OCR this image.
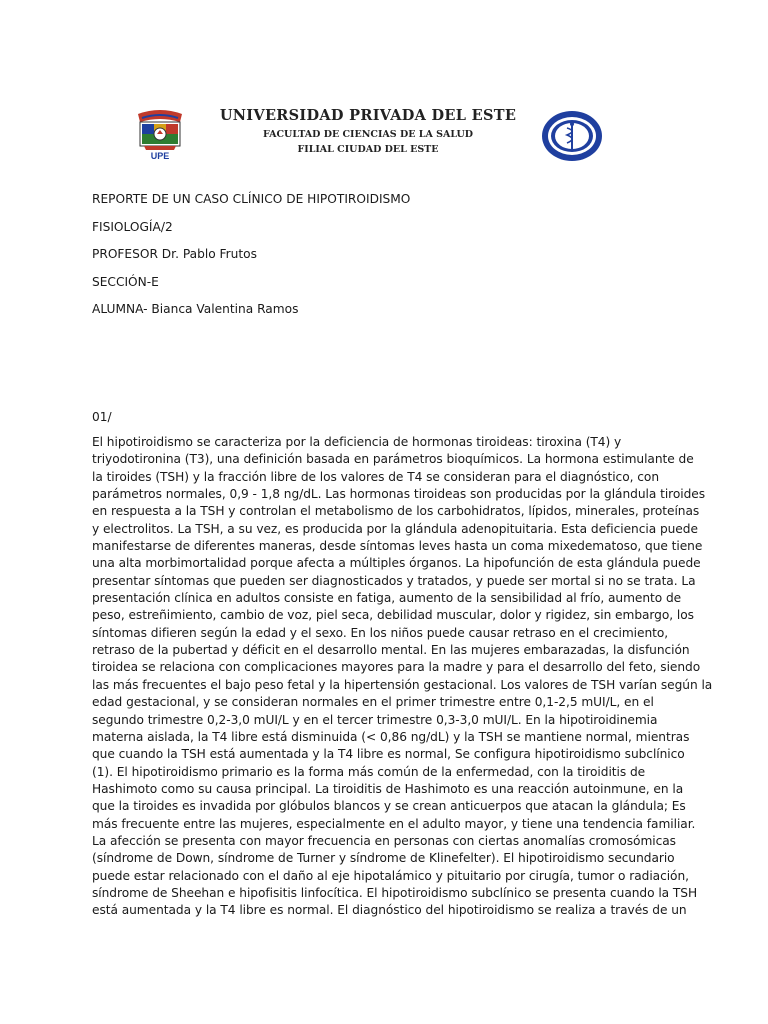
UPE
UNIVERSIDAD PRIVADA DEL ESTE
FACULTAD DE CIENCIAS DE LA SALUD
FILIAL CIUDAD DEL ESTE
REPORTE DE UN CASO CLÍNICO DE HIPOTIROIDISMO
FISIOLOGÍA/2
PROFESOR Dr. Pablo Frutos
SECCIÓN-E
ALUMNA- Bianca Valentina Ramos
01/
El hipotiroidismo se caracteriza por la deficiencia de hormonas tiroideas: tiroxina (T4) y
triyodotironina (T3), una definición basada en parámetros bioquímicos. La hormona estimulante de
la tiroides (TSH) y la fracción libre de los valores de T4 se consideran para el diagnóstico, con
parámetros normales, 0,9 - 1,8 ng/dL. Las hormonas tiroideas son producidas por la glándula tiroides
en respuesta a la TSH y controlan el metabolismo de los carbohidratos, lípidos, minerales, proteínas
y electrolitos. La TSH, a su vez, es producida por la glándula adenopituitaria. Esta deficiencia puede
manifestarse de diferentes maneras, desde síntomas leves hasta un coma mixedematoso, que tiene
una alta morbimortalidad porque afecta a múltiples órganos. La hipofunción de esta glándula puede
presentar síntomas que pueden ser diagnosticados y tratados, y puede ser mortal si no se trata. La
presentación clínica en adultos consiste en fatiga, aumento de la sensibilidad al frío, aumento de
peso, estreñimiento, cambio de voz, piel seca, debilidad muscular, dolor y rigidez, sin embargo, los
síntomas difieren según la edad y el sexo. En los niños puede causar retraso en el crecimiento,
retraso de la pubertad y déficit en el desarrollo mental. En las mujeres embarazadas, la disfunción
tiroidea se relaciona con complicaciones mayores para la madre y para el desarrollo del feto, siendo
las más frecuentes el bajo peso fetal y la hipertensión gestacional. Los valores de TSH varían según la
edad gestacional, y se consideran normales en el primer trimestre entre 0,1-2,5 mUI/L, en el
segundo trimestre 0,2-3,0 mUI/L y en el tercer trimestre 0,3-3,0 mUI/L. En la hipotiroidinemia
materna aislada, la T4 libre está disminuida (< 0,86 ng/dL) y la TSH se mantiene normal, mientras
que cuando la TSH está aumentada y la T4 libre es normal, Se configura hipotiroidismo subclínico
(1). El hipotiroidismo primario es la forma más común de la enfermedad, con la tiroiditis de
Hashimoto como su causa principal. La tiroiditis de Hashimoto es una reacción autoinmune, en la
que la tiroides es invadida por glóbulos blancos y se crean anticuerpos que atacan la glándula; Es
más frecuente entre las mujeres, especialmente en el adulto mayor, y tiene una tendencia familiar.
La afección se presenta con mayor frecuencia en personas con ciertas anomalías cromosómicas
(síndrome de Down, síndrome de Turner y síndrome de Klinefelter). El hipotiroidismo secundario
puede estar relacionado con el daño al eje hipotalámico y pituitario por cirugía, tumor o radiación,
síndrome de Sheehan e hipofisitis linfocítica. El hipotiroidismo subclínico se presenta cuando la TSH
está aumentada y la T4 libre es normal. El diagnóstico del hipotiroidismo se realiza a través de un
